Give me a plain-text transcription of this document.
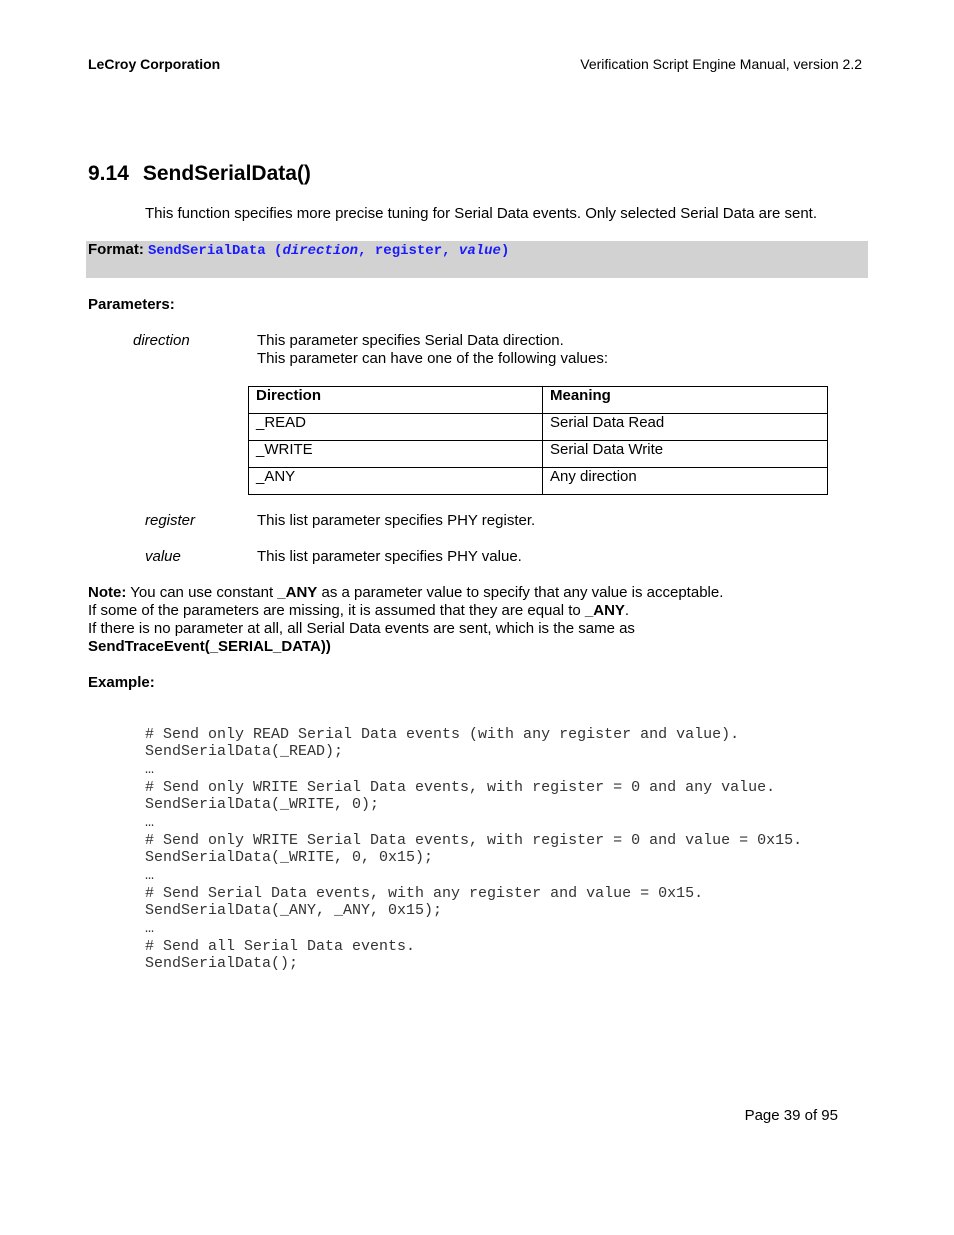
LeCroy Corporation	Verification Script Engine Manual, version 2.2
9.14 SendSerialData()
This function specifies more precise tuning for Serial Data events. Only selected Serial Data are sent.
Format: SendSerialData (direction, register, value)
Parameters:
direction	This parameter specifies Serial Data direction.
This parameter can have one of the following values:
Direction	Meaning
_READ	Serial Data Read
_WRITE	Serial Data Write
_ANY	Any direction
register	This list parameter specifies PHY register.
value	This list parameter specifies PHY value.
Note: You can use constant _ANY as a parameter value to specify that any value is acceptable.
If some of the parameters are missing, it is assumed that they are equal to _ANY.
If there is no parameter at all, all Serial Data events are sent, which is the same as
SendTraceEvent(_SERIAL_DATA))
Example:

# Send only READ Serial Data events (with any register and value).
SendSerialData(_READ);
…
# Send only WRITE Serial Data events, with register = 0 and any value.
SendSerialData(_WRITE, 0);
…
# Send only WRITE Serial Data events, with register = 0 and value = 0x15.
SendSerialData(_WRITE, 0, 0x15);
…
# Send Serial Data events, with any register and value = 0x15.
SendSerialData(_ANY, _ANY, 0x15);
…
# Send all Serial Data events.
SendSerialData();

Page 39 of 95
